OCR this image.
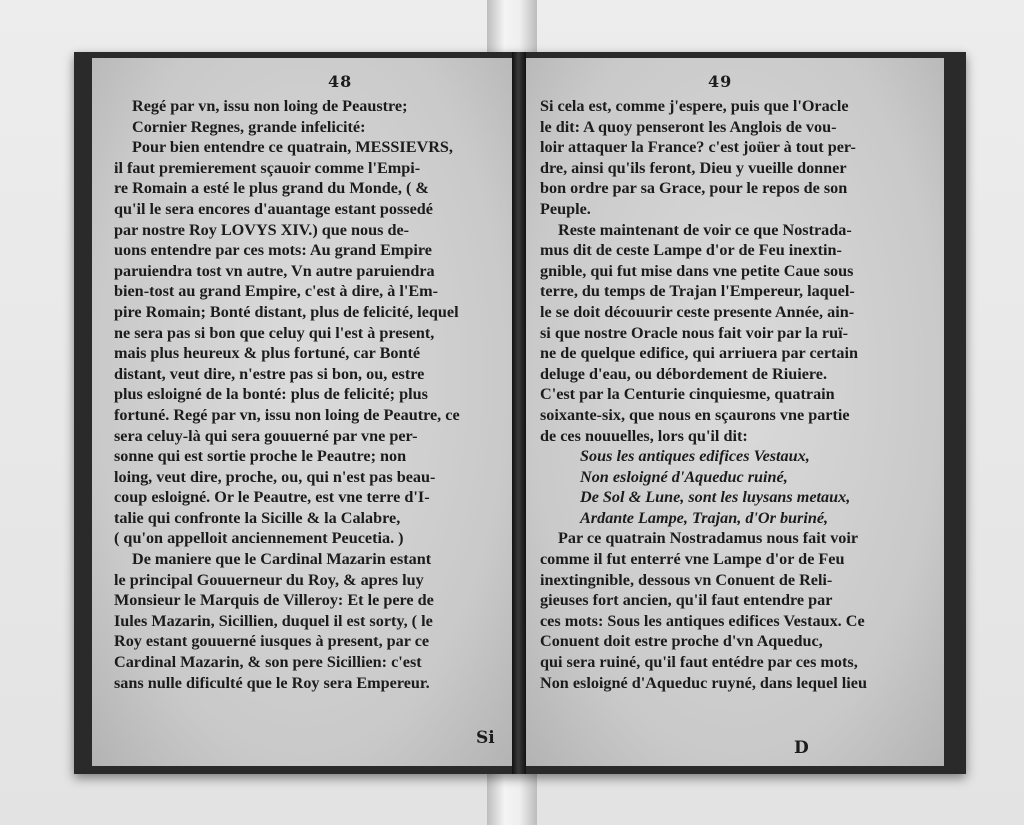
48
Regé par vn, issu non loing de Peaustre;
Cornier Regnes, grande infelicité:
Pour bien entendre ce quatrain, MESSIEVRS,
il faut premierement sçauoir comme l'Empi-
re Romain a esté le plus grand du Monde, ( &
qu'il le sera encores d'auantage estant possedé
par nostre Roy LOVYS XIV.) que nous de-
uons entendre par ces mots: Au grand Empire
paruiendra tost vn autre, Vn autre paruiendra
bien-tost au grand Empire, c'est à dire, à l'Em-
pire Romain; Bonté distant, plus de felicité, lequel
ne sera pas si bon que celuy qui l'est à present,
mais plus heureux & plus fortuné, car Bonté
distant, veut dire, n'estre pas si bon, ou, estre
plus esloigné de la bonté: plus de felicité; plus
fortuné. Regé par vn, issu non loing de Peautre, ce
sera celuy-là qui sera gouuerné par vne per-
sonne qui est sortie proche le Peautre; non
loing, veut dire, proche, ou, qui n'est pas beau-
coup esloigné. Or le Peautre, est vne terre d'I-
talie qui confronte la Sicille & la Calabre,
( qu'on appelloit anciennement Peucetia. )
De maniere que le Cardinal Mazarin estant
le principal Gouuerneur du Roy, & apres luy
Monsieur le Marquis de Villeroy: Et le pere de
Iules Mazarin, Sicillien, duquel il est sorty, ( le
Roy estant gouuerné iusques à present, par ce
Cardinal Mazarin, & son pere Sicillien: c'est
sans nulle dificulté que le Roy sera Empereur.
Si
49
Si cela est, comme j'espere, puis que l'Oracle
le dit: A quoy penseront les Anglois de vou-
loir attaquer la France? c'est joüer à tout per-
dre, ainsi qu'ils feront, Dieu y vueille donner
bon ordre par sa Grace, pour le repos de son
Peuple.
Reste maintenant de voir ce que Nostrada-
mus dit de ceste Lampe d'or de Feu inextin-
gnible, qui fut mise dans vne petite Caue sous
terre, du temps de Trajan l'Empereur, laquel-
le se doit découurir ceste presente Année, ain-
si que nostre Oracle nous fait voir par la ruï-
ne de quelque edifice, qui arriuera par certain
deluge d'eau, ou débordement de Riuiere.
C'est par la Centurie cinquiesme, quatrain
soixante-six, que nous en sçaurons vne partie
de ces nouuelles, lors qu'il dit:
Sous les antiques edifices Vestaux,
Non esloigné d'Aqueduc ruiné,
De Sol & Lune, sont les luysans metaux,
Ardante Lampe, Trajan, d'Or buriné,
Par ce quatrain Nostradamus nous fait voir
comme il fut enterré vne Lampe d'or de Feu
inextingnible, dessous vn Conuent de Reli-
gieuses fort ancien, qu'il faut entendre par
ces mots: Sous les antiques edifices Vestaux. Ce
Conuent doit estre proche d'vn Aqueduc,
qui sera ruiné, qu'il faut entédre par ces mots,
Non esloigné d'Aqueduc ruyné, dans lequel lieu
D
